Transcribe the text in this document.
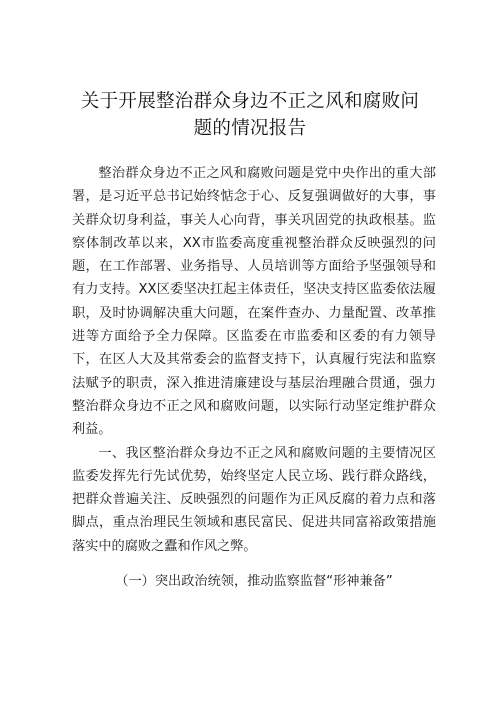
关于开展整治群众身边不正之风和腐败问
题的情况报告

整治群众身边不正之风和腐败问题是党中央作出的重大部署，是习近平总书记始终惦念于心、反复强调做好的大事，事关群众切身利益，事关人心向背，事关巩固党的执政根基。监察体制改革以来，XX市监委高度重视整治群众反映强烈的问题，在工作部署、业务指导、人员培训等方面给予坚强领导和有力支持。XX区委坚决扛起主体责任，坚决支持区监委依法履职，及时协调解决重大问题，在案件查办、力量配置、改革推进等方面给予全力保障。区监委在市监委和区委的有力领导下，在区人大及其常委会的监督支持下，认真履行宪法和监察法赋予的职责，深入推进清廉建设与基层治理融合贯通，强力整治群众身边不正之风和腐败问题，以实际行动坚定维护群众利益。

一、我区整治群众身边不正之风和腐败问题的主要情况区监委发挥先行先试优势，始终坚定人民立场、践行群众路线，把群众普遍关注、反映强烈的问题作为正风反腐的着力点和落脚点，重点治理民生领域和惠民富民、促进共同富裕政策措施落实中的腐败之蠹和作风之弊。

（一）突出政治统领，推动监察监督“形神兼备”
